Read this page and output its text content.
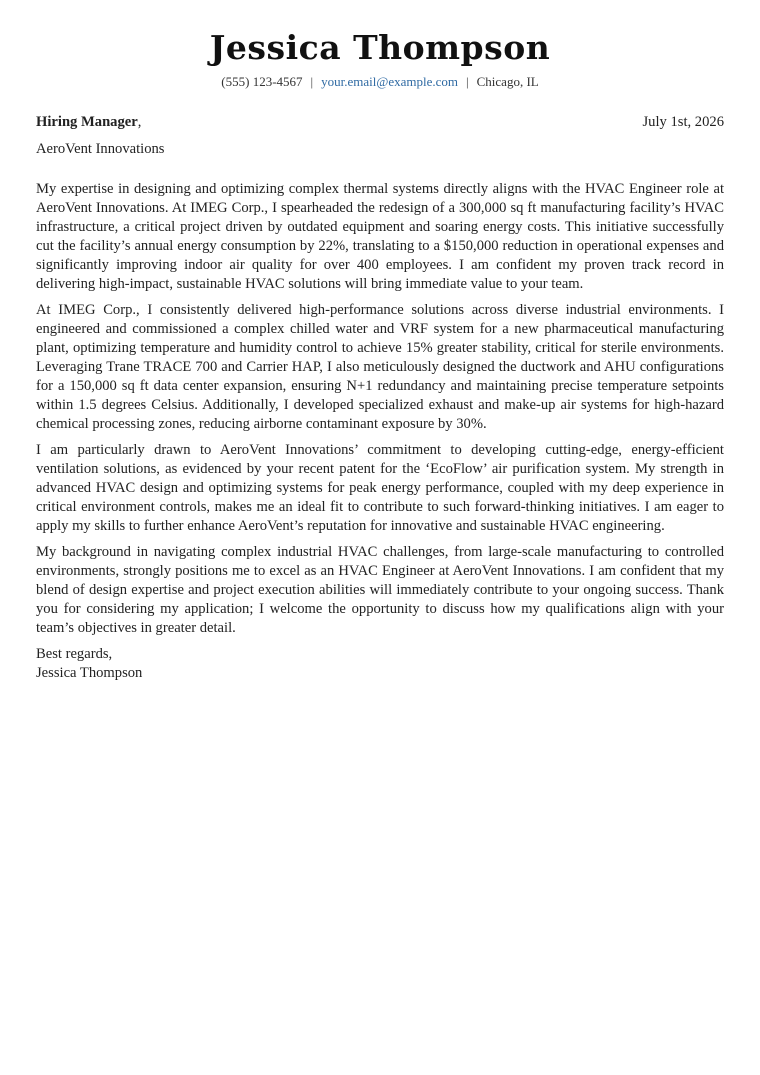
Jessica Thompson
(555) 123-4567 | your.email@example.com | Chicago, IL
Hiring Manager,	July 1st, 2026
AeroVent Innovations

My expertise in designing and optimizing complex thermal systems directly aligns with the HVAC Engineer role at AeroVent Innovations. At IMEG Corp., I spearheaded the redesign of a 300,000 sq ft manufacturing facility’s HVAC infrastructure, a critical project driven by outdated equipment and soaring energy costs. This initiative successfully cut the facility’s annual energy consumption by 22%, translating to a $150,000 reduction in operational expenses and significantly improving indoor air quality for over 400 employees. I am confident my proven track record in delivering high-impact, sustainable HVAC solutions will bring immediate value to your team.

At IMEG Corp., I consistently delivered high-performance solutions across diverse industrial environments. I engineered and commissioned a complex chilled water and VRF system for a new pharmaceutical manufacturing plant, optimizing temperature and humidity control to achieve 15% greater stability, critical for sterile environments. Leveraging Trane TRACE 700 and Carrier HAP, I also meticulously designed the ductwork and AHU configurations for a 150,000 sq ft data center expansion, ensuring N+1 redundancy and maintaining precise temperature setpoints within 1.5 degrees Celsius. Additionally, I developed specialized exhaust and make-up air systems for high-hazard chemical processing zones, reducing airborne contaminant exposure by 30%.

I am particularly drawn to AeroVent Innovations’ commitment to developing cutting-edge, energy-efficient ventilation solutions, as evidenced by your recent patent for the ‘EcoFlow’ air purification system. My strength in advanced HVAC design and optimizing systems for peak energy performance, coupled with my deep experience in critical environment controls, makes me an ideal fit to contribute to such forward-thinking initiatives. I am eager to apply my skills to further enhance AeroVent’s reputation for innovative and sustainable HVAC engineering.

My background in navigating complex industrial HVAC challenges, from large-scale manufacturing to controlled environments, strongly positions me to excel as an HVAC Engineer at AeroVent Innovations. I am confident that my blend of design expertise and project execution abilities will immediately contribute to your ongoing success. Thank you for considering my application; I welcome the opportunity to discuss how my qualifications align with your team’s objectives in greater detail.

Best regards,
Jessica Thompson
